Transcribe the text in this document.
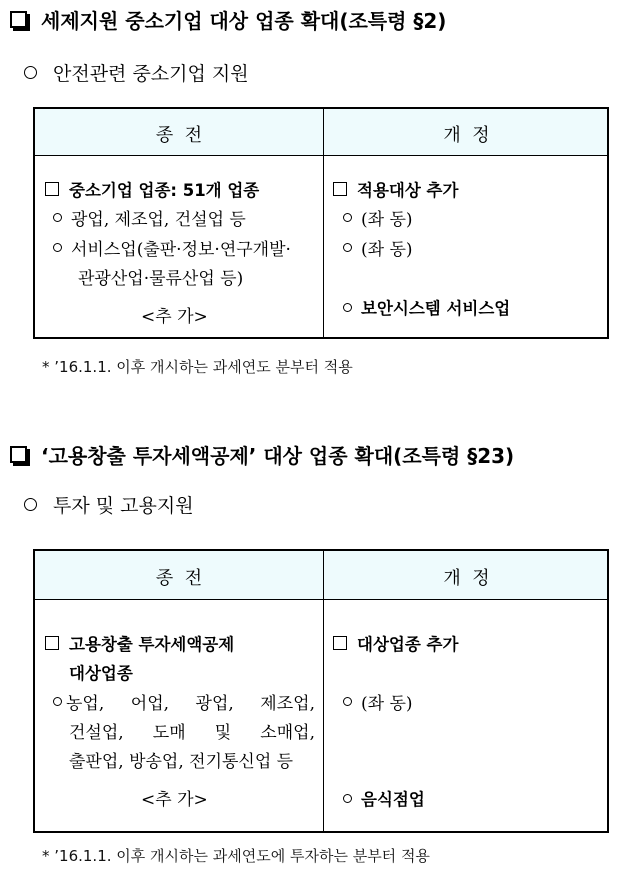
세제지원 중소기업 대상 업종 확대(조특령 §2)
안전관련 중소기업 지원
종  전	개  정
중소기업 업종: 51개 업종
광업, 제조업, 건설업 등
서비스업(출판·정보·연구개발·
관광산업·물류산업 등)
<추 가>
적용대상 추가
(좌 동)
(좌 동)
보안시스템 서비스업
* ’16.1.1. 이후 개시하는 과세연도 분부터 적용
‘고용창출 투자세액공제’ 대상 업종 확대(조특령 §23)
투자 및 고용지원
종  전	개  정
고용창출 투자세액공제
대상업종
농업, 어업, 광업, 제조업,
건설업, 도매 및 소매업,
출판업, 방송업, 전기통신업 등
<추 가>
대상업종 추가
(좌 동)
음식점업
* ’16.1.1. 이후 개시하는 과세연도에 투자하는 분부터 적용
